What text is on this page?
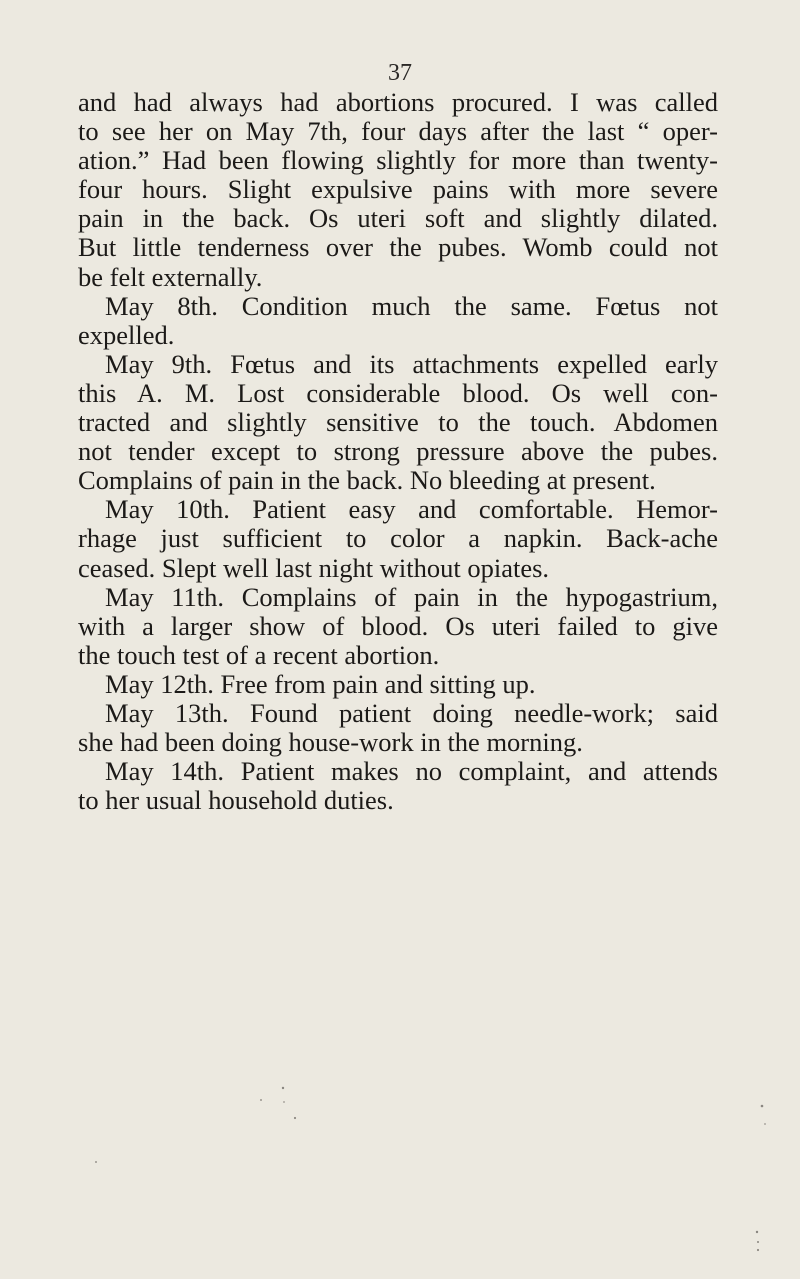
37
and had always had abortions procured. I was called
to see her on May 7th, four days after the last “ oper-
ation.” Had been flowing slightly for more than twenty-
four hours. Slight expulsive pains with more severe
pain in the back. Os uteri soft and slightly dilated.
But little tenderness over the pubes. Womb could not
be felt externally.
May 8th. Condition much the same. Fœtus not
expelled.
May 9th. Fœtus and its attachments expelled early
this A. M. Lost considerable blood. Os well con-
tracted and slightly sensitive to the touch. Abdomen
not tender except to strong pressure above the pubes.
Complains of pain in the back. No bleeding at present.
May 10th. Patient easy and comfortable. Hemor-
rhage just sufficient to color a napkin. Back-ache
ceased. Slept well last night without opiates.
May 11th. Complains of pain in the hypogastrium,
with a larger show of blood. Os uteri failed to give
the touch test of a recent abortion.
May 12th. Free from pain and sitting up.
May 13th. Found patient doing needle-work; said
she had been doing house-work in the morning.
May 14th. Patient makes no complaint, and attends
to her usual household duties.
